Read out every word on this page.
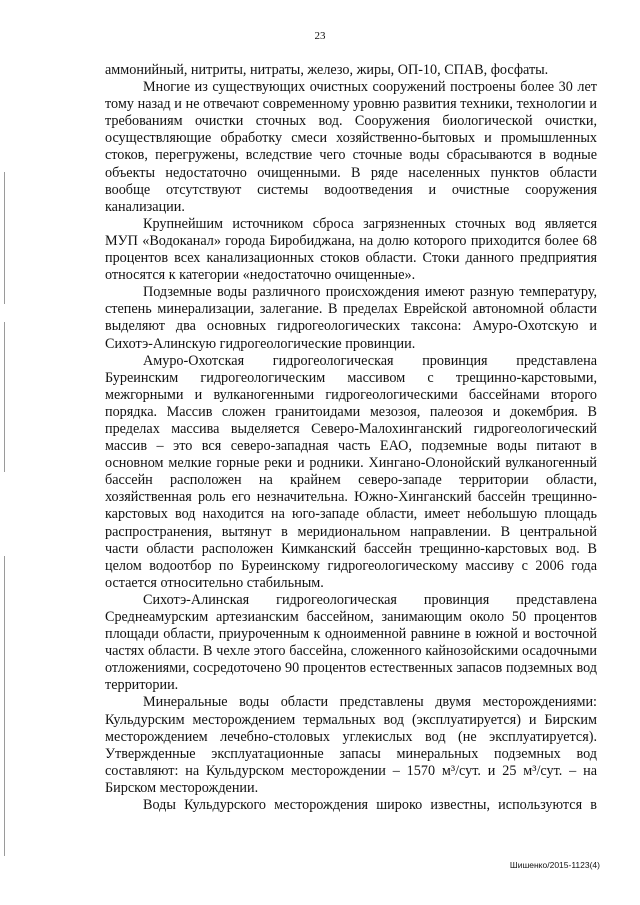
23

аммонийный, нитриты, нитраты, железо, жиры, ОП-10, СПАВ, фосфаты.

Многие из существующих очистных сооружений построены более 30 лет тому назад и не отвечают современному уровню развития техники, технологии и требованиям очистки сточных вод. Сооружения биологической очистки, осуществляющие обработку смеси хозяйственно-бытовых и промышленных стоков, перегружены, вследствие чего сточные воды сбрасываются в водные объекты недостаточно очищенными. В ряде населенных пунктов области вообще отсутствуют системы водоотведения и очистные сооружения канализации.

Крупнейшим источником сброса загрязненных сточных вод является МУП «Водоканал» города Биробиджана, на долю которого приходится более 68 процентов всех канализационных стоков области. Стоки данного предприятия относятся к категории «недостаточно очищенные».

Подземные воды различного происхождения имеют разную температуру, степень минерализации, залегание. В пределах Еврейской автономной области выделяют два основных гидрогеологических таксона: Амуро-Охотскую и Сихотэ-Алинскую гидрогеологические провинции.

Амуро-Охотская гидрогеологическая провинция представлена Буреинским гидрогеологическим массивом с трещинно-карстовыми, межгорными и вулканогенными гидрогеологическими бассейнами второго порядка. Массив сложен гранитоидами мезозоя, палеозоя и докембрия. В пределах массива выделяется Северо-Малохинганский гидрогеологический массив – это вся северо-западная часть ЕАО, подземные воды питают в основном мелкие горные реки и родники. Хингано-Олонойский вулканогенный бассейн расположен на крайнем северо-западе территории области, хозяйственная роль его незначительна. Южно-Хинганский бассейн трещинно-карстовых вод находится на юго-западе области, имеет небольшую площадь распространения, вытянут в меридиональном направлении. В центральной части области расположен Кимканский бассейн трещинно-карстовых вод. В целом водоотбор по Буреинскому гидрогеологическому массиву с 2006 года остается относительно стабильным.

Сихотэ-Алинская гидрогеологическая провинция представлена Среднеамурским артезианским бассейном, занимающим около 50 процентов площади области, приуроченным к одноименной равнине в южной и восточной частях области. В чехле этого бассейна, сложенного кайнозойскими осадочными отложениями, сосредоточено 90 процентов естественных запасов подземных вод территории.

Минеральные воды области представлены двумя месторождениями: Кульдурским месторождением термальных вод (эксплуатируется) и Бирским месторождением лечебно-столовых углекислых вод (не эксплуатируется). Утвержденные эксплуатационные запасы минеральных подземных вод составляют: на Кульдурском месторождении – 1570 м³/сут. и 25 м³/сут. – на Бирском месторождении.

Воды Кульдурского месторождения широко известны, используются в

Шишенко/2015-1123(4)
